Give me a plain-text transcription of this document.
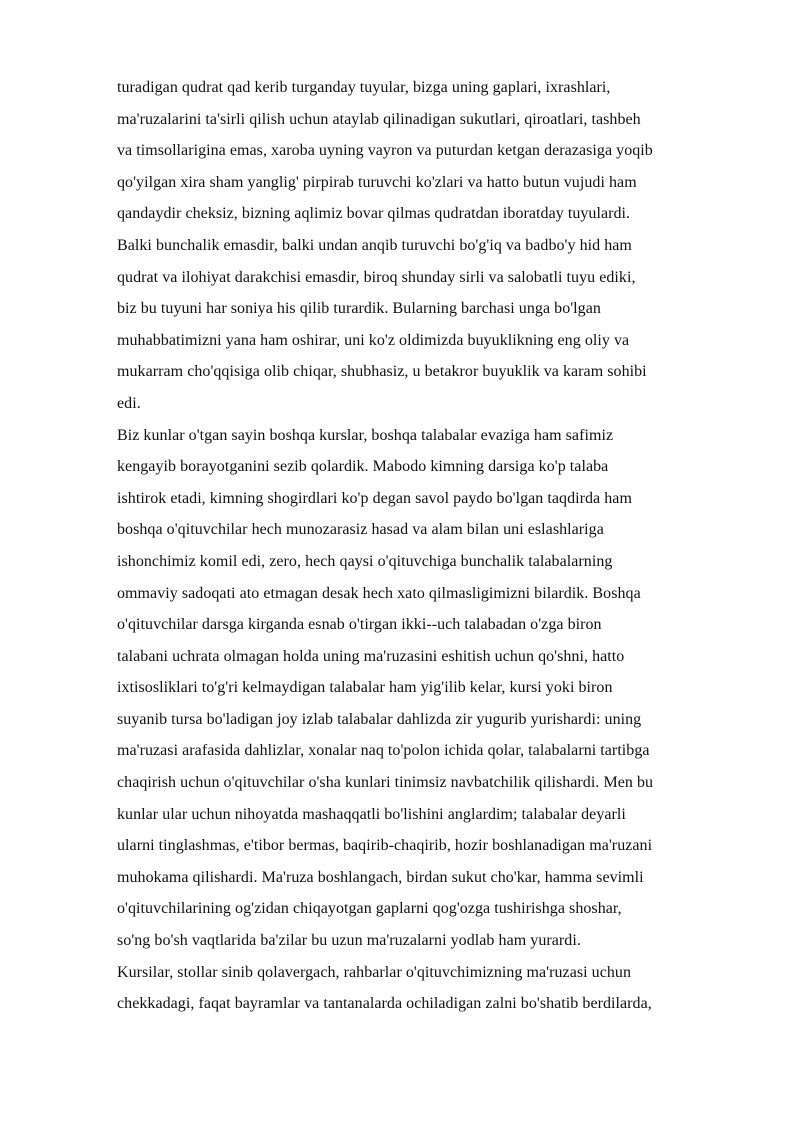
turadigan qudrat qad kerib turganday tuyular, bizga uning gaplari, ixrashlari,
ma'ruzalarini ta'sirli qilish uchun ataylab qilinadigan sukutlari, qiroatlari, tashbeh
va timsollarigina emas, xaroba uyning vayron va puturdan ketgan derazasiga yoqib
qo'yilgan xira sham yanglig' pirpirab turuvchi ko'zlari va hatto butun vujudi ham
qandaydir cheksiz, bizning aqlimiz bovar qilmas qudratdan iboratday tuyulardi.
Balki bunchalik emasdir, balki undan anqib turuvchi bo'g'iq va badbo'y hid ham
qudrat va ilohiyat darakchisi emasdir, biroq shunday sirli va salobatli tuyu ediki,
biz bu tuyuni har soniya his qilib turardik. Bularning barchasi unga bo'lgan
muhabbatimizni yana ham oshirar, uni ko'z oldimizda buyuklikning eng oliy va
mukarram cho'qqisiga olib chiqar, shubhasiz, u betakror buyuklik va karam sohibi
edi.
Biz kunlar o'tgan sayin boshqa kurslar, boshqa talabalar evaziga ham safimiz
kengayib borayotganini sezib qolardik. Mabodo kimning darsiga ko'p talaba
ishtirok etadi, kimning shogirdlari ko'p degan savol paydo bo'lgan taqdirda ham
boshqa o'qituvchilar hech munozarasiz hasad va alam bilan uni eslashlariga
ishonchimiz komil edi, zero, hech qaysi o'qituvchiga bunchalik talabalarning
ommaviy sadoqati ato etmagan desak hech xato qilmasligimizni bilardik. Boshqa
o'qituvchilar darsga kirganda esnab o'tirgan ikki--uch talabadan o'zga biron
talabani uchrata olmagan holda uning ma'ruzasini eshitish uchun qo'shni, hatto
ixtisosliklari to'g'ri kelmaydigan talabalar ham yig'ilib kelar, kursi yoki biron
suyanib tursa bo'ladigan joy izlab talabalar dahlizda zir yugurib yurishardi: uning
ma'ruzasi arafasida dahlizlar, xonalar naq to'polon ichida qolar, talabalarni tartibga
chaqirish uchun o'qituvchilar o'sha kunlari tinimsiz navbatchilik qilishardi. Men bu
kunlar ular uchun nihoyatda mashaqqatli bo'lishini anglardim; talabalar deyarli
ularni tinglashmas, e'tibor bermas, baqirib-chaqirib, hozir boshlanadigan ma'ruzani
muhokama qilishardi. Ma'ruza boshlangach, birdan sukut cho'kar, hamma sevimli
o'qituvchilarining og'zidan chiqayotgan gaplarni qog'ozga tushirishga shoshar,
so'ng bo'sh vaqtlarida ba'zilar bu uzun ma'ruzalarni yodlab ham yurardi.
Kursilar, stollar sinib qolavergach, rahbarlar o'qituvchimizning ma'ruzasi uchun
chekkadagi, faqat bayramlar va tantanalarda ochiladigan zalni bo'shatib berdilarda,
